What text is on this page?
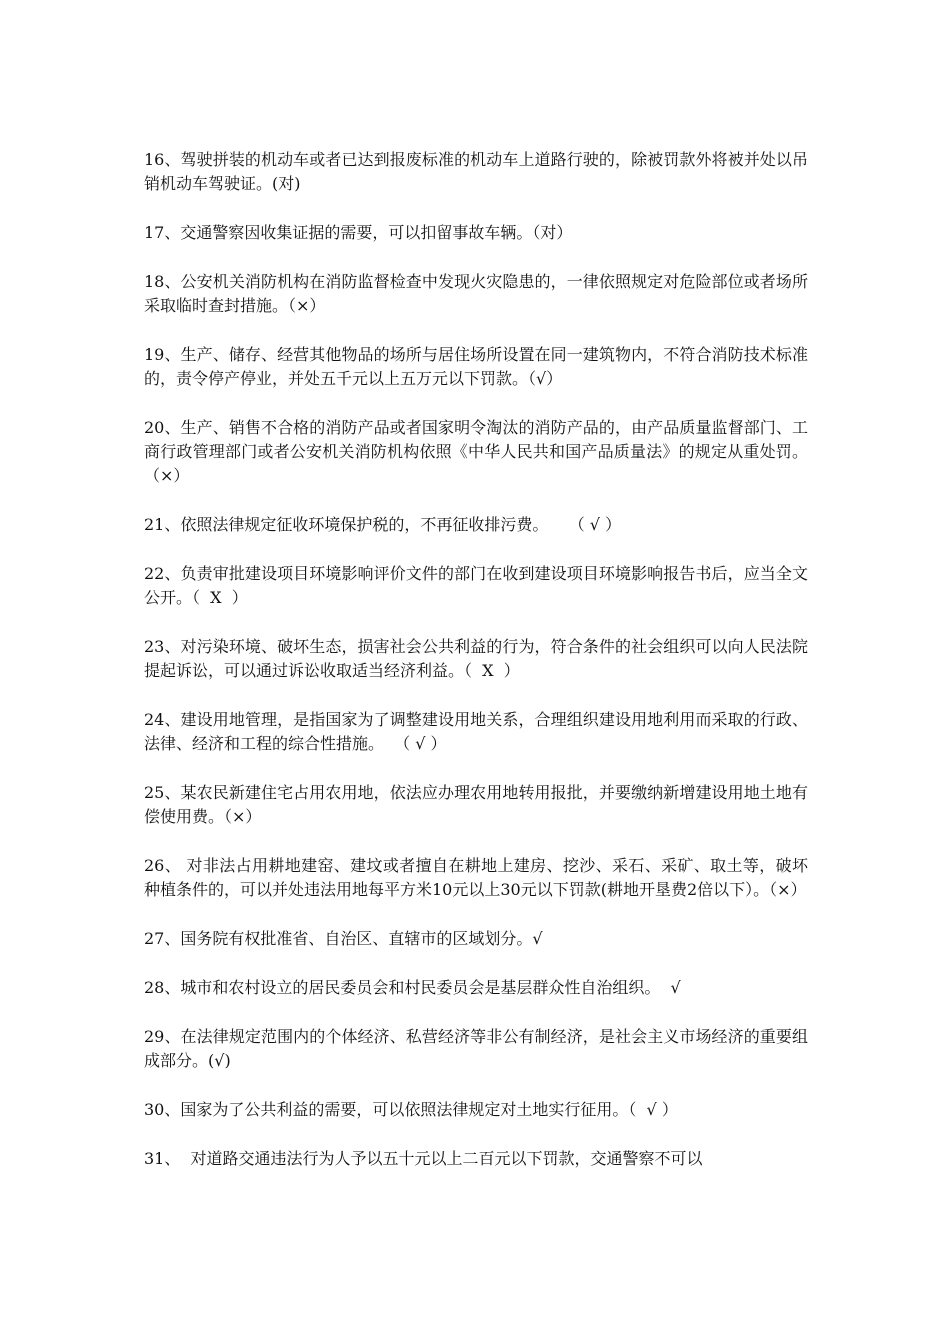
16、驾驶拼装的机动车或者已达到报废标准的机动车上道路行驶的，除被罚款外将被并处以吊销机动车驾驶证。(对)

17、交通警察因收集证据的需要，可以扣留事故车辆。（对）

18、公安机关消防机构在消防监督检查中发现火灾隐患的，一律依照规定对危险部位或者场所采取临时查封措施。（×）

19、生产、储存、经营其他物品的场所与居住场所设置在同一建筑物内，不符合消防技术标准的，责令停产停业，并处五千元以上五万元以下罚款。（√）

20、生产、销售不合格的消防产品或者国家明令淘汰的消防产品的，由产品质量监督部门、工商行政管理部门或者公安机关消防机构依照《中华人民共和国产品质量法》的规定从重处罚。（×）

21、依照法律规定征收环境保护税的，不再征收排污费。    （ √ ）

22、负责审批建设项目环境影响评价文件的部门在收到建设项目环境影响报告书后，应当全文公开。（  X  ）

23、对污染环境、破坏生态，损害社会公共利益的行为，符合条件的社会组织可以向人民法院提起诉讼，可以通过诉讼收取适当经济利益。（  X  ）

24、建设用地管理，是指国家为了调整建设用地关系，合理组织建设用地利用而采取的行政、法律、经济和工程的综合性措施。  （ √ ）

25、某农民新建住宅占用农用地，依法应办理农用地转用报批，并要缴纳新增建设用地土地有偿使用费。（×）

26、 对非法占用耕地建窑、建坟或者擅自在耕地上建房、挖沙、采石、采矿、取土等，破坏种植条件的，可以并处违法用地每平方米10元以上30元以下罚款(耕地开垦费2倍以下）。（×）

27、国务院有权批准省、自治区、直辖市的区域划分。√

28、城市和农村设立的居民委员会和村民委员会是基层群众性自治组织。  √

29、在法律规定范围内的个体经济、私营经济等非公有制经济，是社会主义市场经济的重要组成部分。(√)

30、国家为了公共利益的需要，可以依照法律规定对土地实行征用。（  √ ）

31、  对道路交通违法行为人予以五十元以上二百元以下罚款，交通警察不可以
